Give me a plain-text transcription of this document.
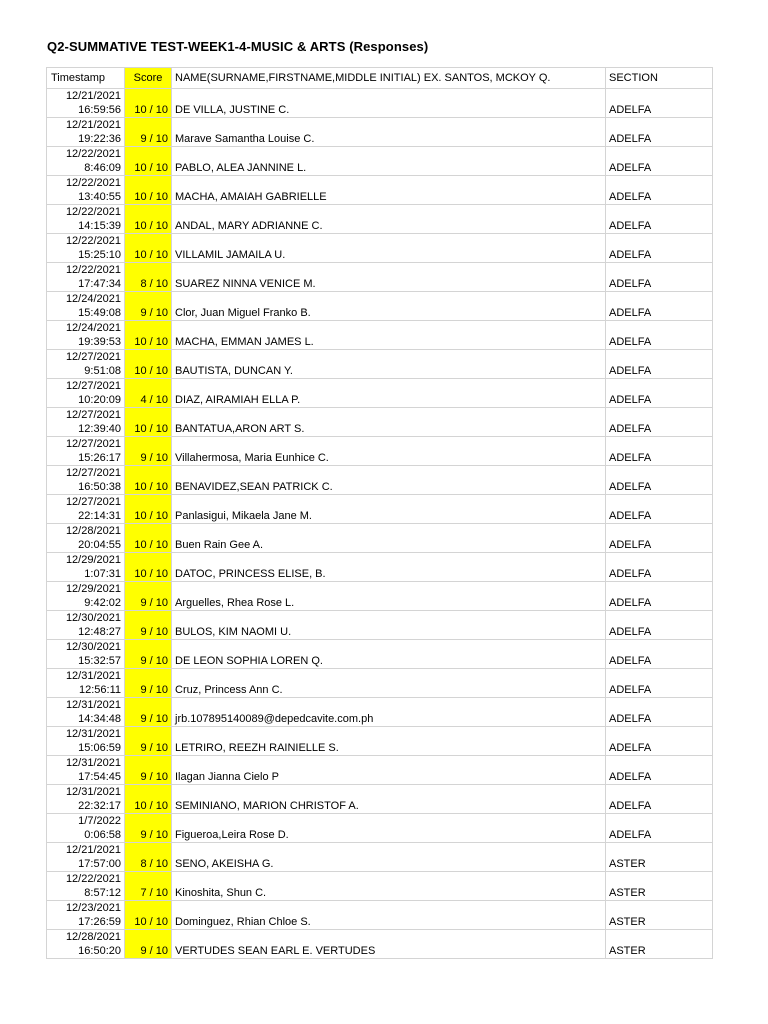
Q2-SUMMATIVE TEST-WEEK1-4-MUSIC & ARTS (Responses)
Timestamp	Score	NAME(SURNAME,FIRSTNAME,MIDDLE INITIAL) EX. SANTOS, MCKOY Q.	SECTION

12/21/2021
16:59:56	10 / 10	DE VILLA, JUSTINE C.	ADELFA

12/21/2021
19:22:36	9 / 10	Marave Samantha Louise C.	ADELFA

12/22/2021
8:46:09	10 / 10	PABLO, ALEA JANNINE L.	ADELFA

12/22/2021
13:40:55	10 / 10	MACHA, AMAIAH GABRIELLE	ADELFA

12/22/2021
14:15:39	10 / 10	ANDAL, MARY ADRIANNE C.	ADELFA

12/22/2021
15:25:10	10 / 10	VILLAMIL JAMAILA U.	ADELFA

12/22/2021
17:47:34	8 / 10	SUAREZ NINNA VENICE M.	ADELFA

12/24/2021
15:49:08	9 / 10	Clor, Juan Miguel Franko B.	ADELFA

12/24/2021
19:39:53	10 / 10	MACHA, EMMAN JAMES L.	ADELFA

12/27/2021
9:51:08	10 / 10	BAUTISTA, DUNCAN Y.	ADELFA

12/27/2021
10:20:09	4 / 10	DIAZ, AIRAMIAH ELLA P.	ADELFA

12/27/2021
12:39:40	10 / 10	BANTATUA,ARON ART S.	ADELFA

12/27/2021
15:26:17	9 / 10	Villahermosa, Maria Eunhice C.	ADELFA

12/27/2021
16:50:38	10 / 10	BENAVIDEZ,SEAN PATRICK C.	ADELFA

12/27/2021
22:14:31	10 / 10	Panlasigui, Mikaela Jane M.	ADELFA

12/28/2021
20:04:55	10 / 10	Buen Rain Gee A.	ADELFA

12/29/2021
1:07:31	10 / 10	DATOC, PRINCESS ELISE, B.	ADELFA

12/29/2021
9:42:02	9 / 10	Arguelles, Rhea Rose L.	ADELFA

12/30/2021
12:48:27	9 / 10	BULOS, KIM NAOMI U.	ADELFA

12/30/2021
15:32:57	9 / 10	DE LEON SOPHIA LOREN Q.	ADELFA

12/31/2021
12:56:11	9 / 10	Cruz, Princess Ann C.	ADELFA

12/31/2021
14:34:48	9 / 10	jrb.107895140089@depedcavite.com.ph	ADELFA

12/31/2021
15:06:59	9 / 10	LETRIRO, REEZH RAINIELLE S.	ADELFA

12/31/2021
17:54:45	9 / 10	Ilagan Jianna Cielo P	ADELFA

12/31/2021
22:32:17	10 / 10	SEMINIANO, MARION CHRISTOF A.	ADELFA

1/7/2022
0:06:58	9 / 10	Figueroa,Leira Rose D.	ADELFA

12/21/2021
17:57:00	8 / 10	SENO, AKEISHA G.	ASTER

12/22/2021
8:57:12	7 / 10	Kinoshita, Shun C.	ASTER

12/23/2021
17:26:59	10 / 10	Dominguez, Rhian Chloe S.	ASTER

12/28/2021
16:50:20	9 / 10	VERTUDES SEAN EARL E. VERTUDES	ASTER
